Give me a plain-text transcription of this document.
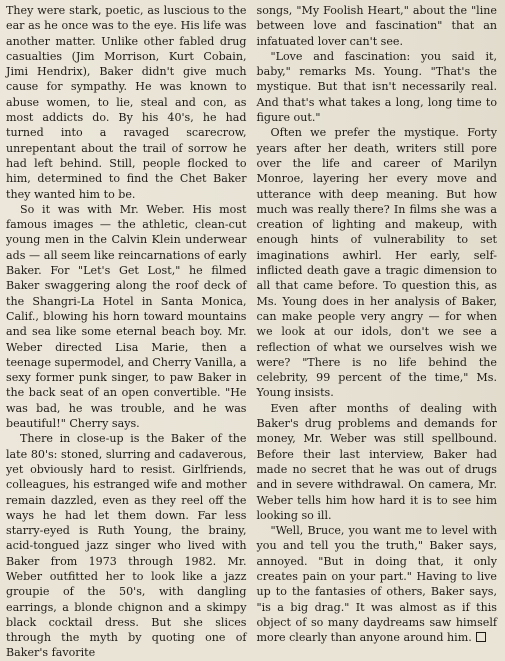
They were stark, poetic, as luscious to the ear as he once was to the eye. His life was another matter. Unlike other fabled drug casualties (Jim Morrison, Kurt Cobain, Jimi Hendrix), Baker didn't give much cause for sympathy. He was known to abuse women, to lie, steal and con, as most addicts do. By his 40's, he had turned into a ravaged scarecrow, unrepentant about the trail of sorrow he had left behind. Still, people flocked to him, determined to find the Chet Baker they wanted him to be.

So it was with Mr. Weber. His most famous images — the athletic, clean-cut young men in the Calvin Klein underwear ads — all seem like reincarnations of early Baker. For "Let's Get Lost," he filmed Baker swaggering along the roof deck of the Shangri-La Hotel in Santa Monica, Calif., blowing his horn toward mountains and sea like some eternal beach boy. Mr. Weber directed Lisa Marie, then a teenage supermodel, and Cherry Vanilla, a sexy former punk singer, to paw Baker in the back seat of an open convertible. "He was bad, he was trouble, and he was beautiful!" Cherry says.

There in close-up is the Baker of the late 80's: stoned, slurring and cadaverous, yet obviously hard to resist. Girlfriends, colleagues, his estranged wife and mother remain dazzled, even as they reel off the ways he had let them down. Far less starry-eyed is Ruth Young, the brainy, acid-tongued jazz singer who lived with Baker from 1973 through 1982. Mr. Weber outfitted her to look like a jazz groupie of the 50's, with dangling earrings, a blonde chignon and a skimpy black cocktail dress. But she slices through the myth by quoting one of Baker's favorite

songs, "My Foolish Heart," about the "line between love and fascination" that an infatuated lover can't see.

"Love and fascination: you said it, baby," remarks Ms. Young. "That's the mystique. But that isn't necessarily real. And that's what takes a long, long time to figure out."

Often we prefer the mystique. Forty years after her death, writers still pore over the life and career of Marilyn Monroe, layering her every move and utterance with deep meaning. But how much was really there? In films she was a creation of lighting and makeup, with enough hints of vulnerability to set imaginations awhirl. Her early, self-inflicted death gave a tragic dimension to all that came before. To question this, as Ms. Young does in her analysis of Baker, can make people very angry — for when we look at our idols, don't we see a reflection of what we ourselves wish we were? "There is no life behind the celebrity, 99 percent of the time," Ms. Young insists.

Even after months of dealing with Baker's drug problems and demands for money, Mr. Weber was still spellbound. Before their last interview, Baker had made no secret that he was out of drugs and in severe withdrawal. On camera, Mr. Weber tells him how hard it is to see him looking so ill.

"Well, Bruce, you want me to level with you and tell you the truth," Baker says, annoyed. "But in doing that, it only creates pain on your part." Having to live up to the fantasies of others, Baker says, "is a big drag." It was almost as if this object of so many daydreams saw himself more clearly than anyone around him.
